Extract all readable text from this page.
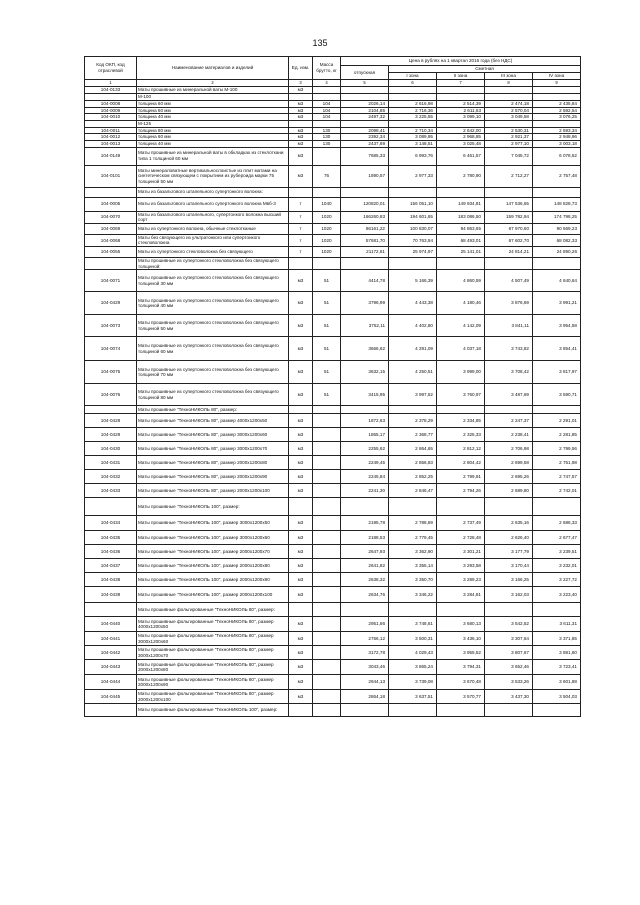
135
Код ОКП, код отраслевой	Наименование материалов и изделий	Ед. изм.	Масса брутто, кг	Цена в рублях на 1 квартал 2016 года (без НДС)				
				отпускная	Сметная			
					I зона	II зона	III зона	IV зона
1	2	3	4	5	6	7	8	9
104-0133	Маты прошивные из минеральной ваты М-100	м3						
	М-100							
104-0008	толщина 60 мм	м3	104	2026,14	2 616,98	2 514,39	2 474,18	2 435,84
104-0009	толщина 60 мм	м3	104	2104,85	2 716,36	2 611,63	2 570,04	2 592,54
104-0010	толщина 40 мм	м3	104	2497,32	3 225,55	3 099,10	3 049,58	3 076,25
	М-125							
104-0011	толщина 80 мм	м3	130	2098,41	2 710,34	2 642,00	2 530,31	2 593,34
104-0012	толщина 60 мм	м3	130	2392,34	3 089,95	2 968,85	2 921,37	2 948,96
104-0013	толщина 40 мм	м3	130	2437,69	3 148,51	3 025,48	2 977,10	3 003,18
104-0149	Маты прошивные из минеральной ваты в обкладках из стеклоткани типа 1 толщиной 60 мм	м3		7685,33	6 993,76	6 461,57	7 045,72	6 078,52
104-0101	Маты минераловатные вертикальнослоистые из плит матами на синтетическом связующем с покрытием из рубероида марки 75 толщиной 50 мм	м3	76	1890,57	2 977,33	2 780,90	2 712,27	2 757,48
	Маты из базальтового штапельного супертонкого волокна:							
104-0005	Маты из базальтового штапельного супертонкого волокна Мвб-3	т	1040	120820,01	156 051,10	149 934,81	147 536,65	148 828,73
104-0070	Маты из базальтового штапельного, супертонкого волокна высший сорт	т	1020	166260,83	194 601,65	183 086,50	159 782,94	174 798,25
104-0069	Маты из супертонкого волокна, обычные стеклотканые	т	1020	86161,22	100 830,07	94 863,65	67 970,60	90 569,23
104-0068	Маты без связующего из ультратонкого или супертонкого стекловолокна	т	1020	57681,70	70 763,94	68 493,01	67 602,70	68 082,33
104-0055	Маты из супертонкого стекловолокна без связующего	т	1020	21172,61	25 974,97	25 141,01	24 814,21	24 890,26
	Маты прошивные из супертонкого стекловолокна без связующего толщиной:							
104-0071	Маты прошивные из супертонкого стекловолокна без связующего толщиной 30 мм	м3	51	4414,78	5 166,39	4 860,59	4 507,49	4 640,64
104-0429	Маты прошивные из супертонкого стекловолокна без связующего толщиной 40 мм	м3	51	3796,99	4 443,38	4 180,46	3 876,69	3 991,21
104-0073	Маты прошивные из супертонкого стекловолокна без связующего толщиной 50 мм	м3	51	3752,11	4 402,80	4 142,09	3 841,11	3 954,58
104-0074	Маты прошивные из супертонкого стекловолокна без связующего толщиной 60 мм	м3	51	3666,62	4 291,09	4 037,18	3 743,82	3 854,41
104-0075	Маты прошивные из супертонкого стекловолокна без связующего толщиной 70 мм	м3	51	3632,15	4 250,51	3 999,00	3 708,42	3 817,97
104-0076	Маты прошивные из супертонкого стекловолокна без связующего толщиной 80 мм	м3	51	3415,95	3 997,52	3 760,97	3 487,69	3 590,71
	Маты прошивные "ТехноНИКОЛЬ 80", размер:							
104-0428	Маты прошивные "ТехноНИКОЛЬ 80", размер 4000х1200х50	м3		1872,63	2 378,29	2 334,85	2 247,37	2 291,01
104-0429	Маты прошивные "ТехноНИКОЛЬ 80", размер 3000х1200х60	м3		1865,17	2 368,77	2 325,33	2 238,41	2 281,85
104-0430	Маты прошивные "ТехноНИКОЛЬ 80", размер 3000х1200х70	м3		2255,62	2 864,65	2 812,12	2 706,98	2 799,56
104-0431	Маты прошивные "ТехноНИКОЛЬ 80", размер 2000х1200х80	м3		2249,45	2 856,83	2 804,42	2 699,58	2 751,98
104-0432	Маты прошивные "ТехноНИКОЛЬ 80", размер 2000х1200х90	м3		2245,84	2 852,25	2 799,91	2 695,26	2 747,57
104-0433	Маты прошивные "ТехноНИКОЛЬ 80", размер 2000х1200х100	м3		2241,30	2 846,47	2 794,26	2 689,80	2 742,01
	Маты прошивные "ТехноНИКОЛЬ 100", размер:							
104-0434	Маты прошивные "ТехноНИКОЛЬ 100", размер 3000х1200х50	м3		2195,78	2 788,69	2 737,49	2 635,16	2 686,33
104-0435	Маты прошивные "ТехноНИКОЛЬ 100", размер 3000х1200х60	м3		2188,53	2 779,45	2 728,48	2 626,40	2 677,47
104-0436	Маты прошивные "ТехноНИКОЛЬ 100", размер 2000х1200х70	м3		2647,93	3 362,90	3 301,21	3 177,79	3 239,51
104-0437	Маты прошивные "ТехноНИКОЛЬ 100", размер 2000х1200х80	м3		2641,82	3 355,14	3 293,58	3 170,44	3 232,01
104-0438	Маты прошивные "ТехноНИКОЛЬ 100", размер 2000х1200х90	м3		2638,32	3 350,70	3 289,23	3 166,25	3 227,72
104-0439	Маты прошивные "ТехноНИКОЛЬ 100", размер 2000х1200х100	м3		2634,76	3 346,22	3 284,81	3 162,03	3 223,40
	Маты прошивные фольгированные "ТехноНИКОЛЬ 80", размер:							
104-0440	Маты прошивные фольгированные "ТехноНИКОЛЬ 80", размер 4000х1200х50	м3		2951,66	3 748,61	3 680,13	3 542,52	3 611,31
104-0441	Маты прошивные фольгированные "ТехноНИКОЛЬ 80", размер 3000х1200х60	м3		2756,12	3 500,31	3 436,10	3 307,64	3 371,85
104-0442	Маты прошивные фольгированные "ТехноНИКОЛЬ 80", размер 3000х1200х70	м3		3172,78	4 029,43	3 955,52	3 807,67	3 881,60
104-0443	Маты прошивные фольгированные "ТехноНИКОЛЬ 80", размер 2000х1200х80	м3		3043,46	3 865,24	3 794,31	3 652,46	3 723,41
104-0444	Маты прошивные фольгированные "ТехноНИКОЛЬ 80", размер 2000х1200х90	м3		2944,13	3 739,08	3 670,48	3 533,26	3 601,88
104-0445	Маты прошивные фольгированные "ТехноНИКОЛЬ 80", размер 2000х1200х100	м3		2864,18	3 637,51	3 570,77	3 437,30	3 504,03
	Маты прошивные фольгированные "ТехноНИКОЛЬ 100", размер:							
